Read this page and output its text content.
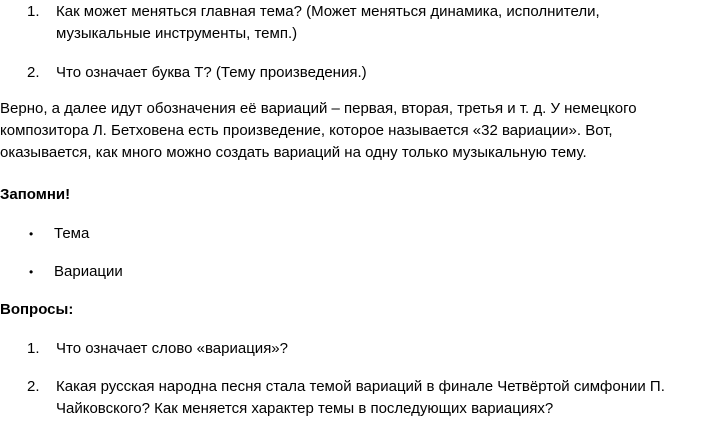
1.	Как может меняться главная тема? (Может меняться динамика, исполнители,
музыкальные инструменты, темп.)
2.	Что означает буква Т? (Тему произведения.)
Верно, а далее идут обозначения её вариаций – первая, вторая, третья и т. д. У немецкого
композитора Л. Бетховена есть произведение, которое называется «32 вариации». Вот,
оказывается, как много можно создать вариаций на одну только музыкальную тему.
Запомни!
•	Тема
•	Вариации
Вопросы:
1.	Что означает слово «вариация»?
2.	Какая русская народна песня стала темой вариаций в финале Четвёртой симфонии П.
Чайковского? Как меняется характер темы в последующих вариациях?
